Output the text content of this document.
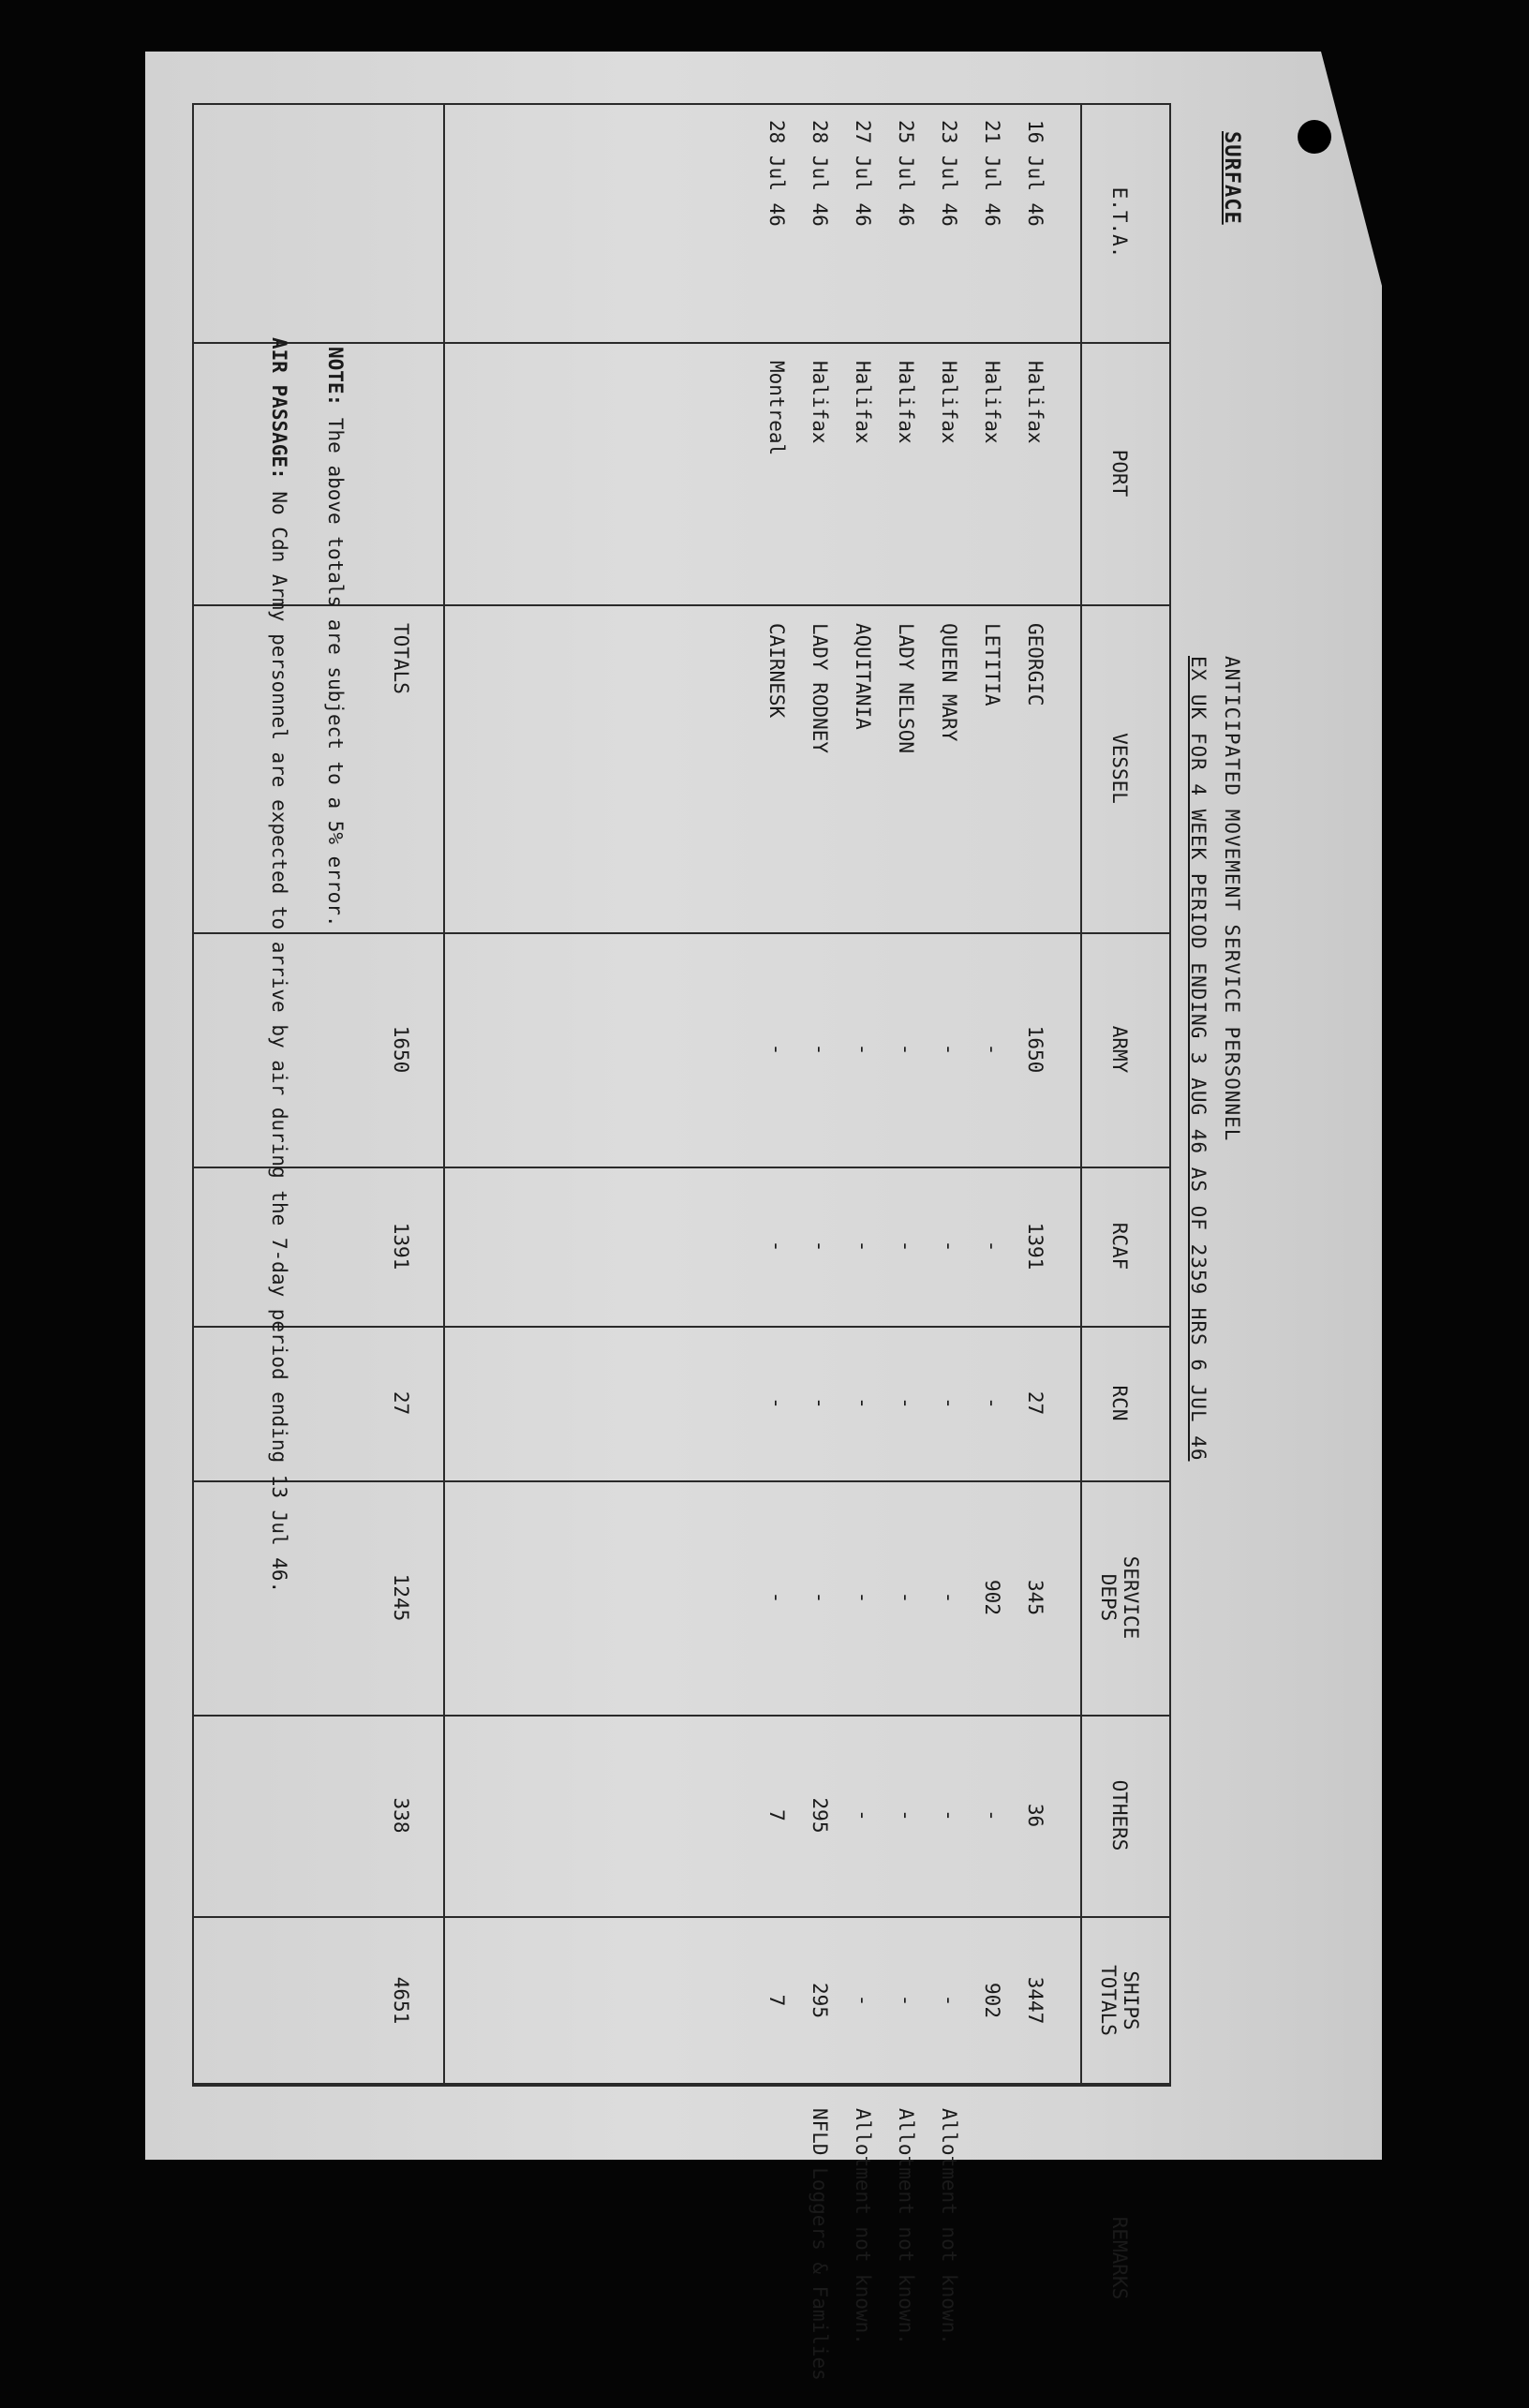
SURFACE

ANTICIPATED MOVEMENT SERVICE PERSONNEL

EX UK FOR 4 WEEK PERIOD ENDING 3 AUG 46 AS OF 2359 HRS 6 JUL 46

E.T.A.
PORT
VESSEL
ARMY
RCAF
RCN
SERVICE
DEPS
OTHERS
SHIPS
TOTALS
REMARKS
16 Jul 46
Halifax
GEORGIC
1650
1391
27
345
36
3447
21 Jul 46
Halifax
LETITIA
-
-
-
902
-
902
23 Jul 46
Halifax
QUEEN MARY
-
-
-
-
-
-
Allotment not known.
25 Jul 46
Halifax
LADY NELSON
-
-
-
-
-
-
Allotment not known.
27 Jul 46
Halifax
AQUITANIA
-
-
-
-
-
-
Allotment not known.
28 Jul 46
Halifax
LADY RODNEY
-
-
-
-
295
295
NFLD Loggers & Families
28 Jul 46
Montreal
CAIRNESK
-
-
-
-
7
7
TOTALS
1650
1391
27
1245
338
4651

NOTE: The above totals are subject to a 5% error.

AIR PASSAGE: No Cdn Army personnel are expected to arrive by air during the 7-day period ending 13 Jul 46.
